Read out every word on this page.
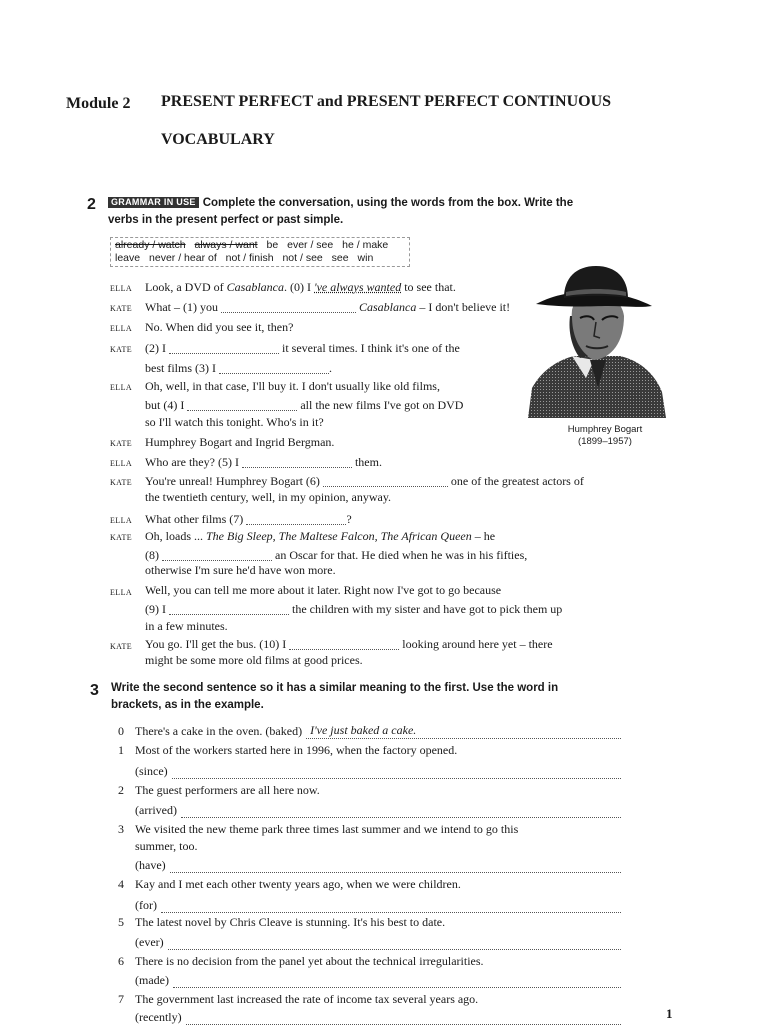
Module 2 PRESENT PERFECT and PRESENT PERFECT CONTINUOUS
VOCABULARY
2	GRAMMAR IN USE Complete the conversation, using the words from the box. Write the
verbs in the present perfect or past simple.
already / watch always / want be ever / see he / make
leave never / hear of not / finish not / see see win
ELLA	Look, a DVD of Casablanca. (0) I 've always wanted to see that.
KATE	What – (1) you	Casablanca – I don't believe it!
ELLA	No. When did you see it, then?
KATE	(2) I	it several times. I think it's one of the
best films (3) I	.
ELLA	Oh, well, in that case, I'll buy it. I don't usually like old films,
but (4) I	all the new films I've got on DVD
so I'll watch this tonight. Who's in it?
KATE	Humphrey Bogart and Ingrid Bergman.
ELLA	Who are they? (5) I	them.
KATE	You're unreal! Humphrey Bogart (6)	one of the greatest actors of
the twentieth century, well, in my opinion, anyway.
ELLA	What other films (7)	?
KATE	Oh, loads ... The Big Sleep, The Maltese Falcon, The African Queen – he
(8)	an Oscar for that. He died when he was in his fifties,
otherwise I'm sure he'd have won more.
ELLA	Well, you can tell me more about it later. Right now I've got to go because
(9) I	the children with my sister and have got to pick them up
in a few minutes.
KATE	You go. I'll get the bus. (10) I	looking around here yet – there
might be some more old films at good prices.
Humphrey Bogart
(1899–1957)
3 Write the second sentence so it has a similar meaning to the first. Use the word in
brackets, as in the example.
0 There's a cake in the oven. (baked) I've just baked a cake.
1 Most of the workers started here in 1996, when the factory opened.
(since)
2 The guest performers are all here now.
(arrived)
3 We visited the new theme park three times last summer and we intend to go this
summer, too.
(have)
4 Kay and I met each other twenty years ago, when we were children.
(for)
5 The latest novel by Chris Cleave is stunning. It's his best to date.
(ever)
6 There is no decision from the panel yet about the technical irregularities.
(made)
7 The government last increased the rate of income tax several years ago.
(recently)	1
